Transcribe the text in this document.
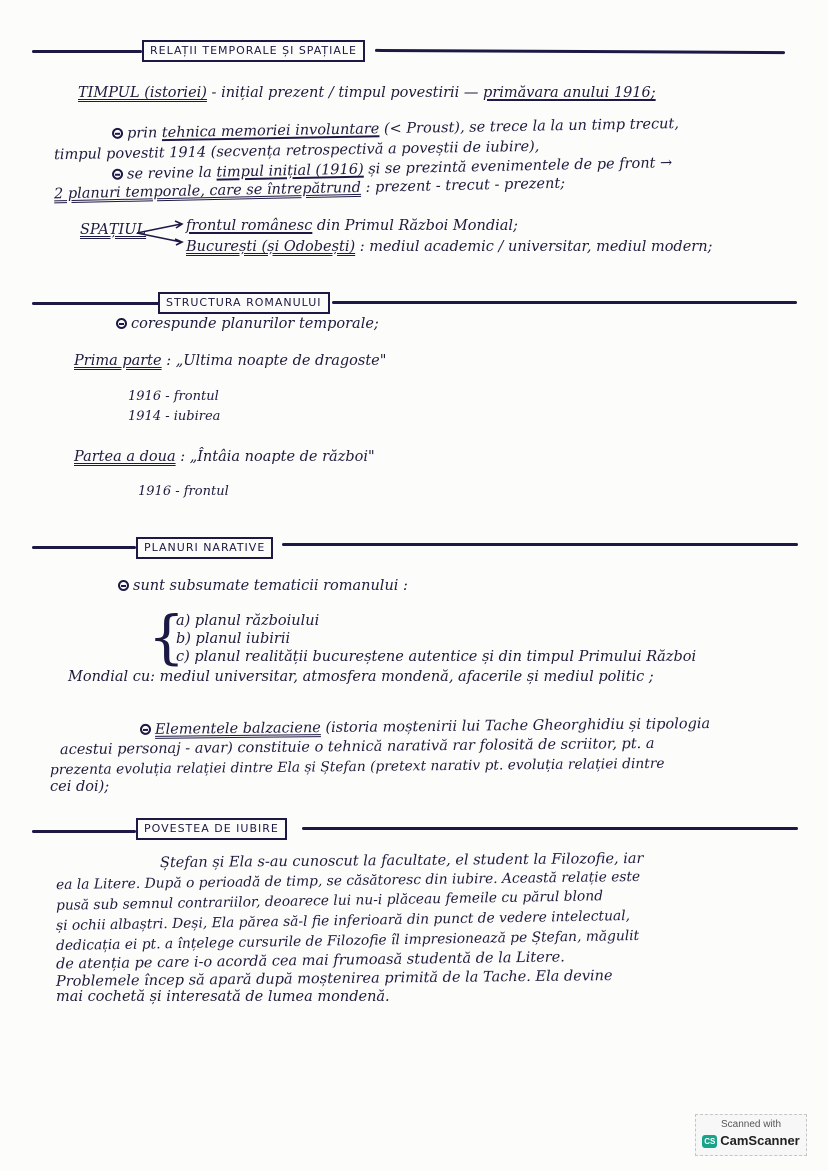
RELAȚII TEMPORALE ȘI SPAȚIALE
TIMPUL (istoriei) - inițial prezent / timpul povestirii — primăvara anului 1916;
prin tehnica memoriei involuntare (< Proust), se trece la la un timp trecut,
timpul povestit 1914 (secvența retrospectivă a poveștii de iubire),
se revine la timpul inițial (1916) și se prezintă evenimentele de pe front →
2 planuri temporale, care se întrepătrund : prezent - trecut - prezent;
SPAȚIUL	frontul românesc din Primul Război Mondial;
București (și Odobești) : mediul academic / universitar, mediul modern;
STRUCTURA ROMANULUI
corespunde planurilor temporale;
Prima parte : „Ultima noapte de dragoste"
1916 - frontul
1914 - iubirea
Partea a doua : „Întâia noapte de război"
1916 - frontul
PLANURI NARATIVE
sunt subsumate tematicii romanului :
{
a) planul războiului
b) planul iubirii
c) planul realității bucureștene autentice și din timpul Primului Război
Mondial cu: mediul universitar, atmosfera mondenă, afacerile și mediul politic ;
Elementele balzaciene (istoria moștenirii lui Tache Gheorghidiu și tipologia
acestui personaj - avar) constituie o tehnică narativă rar folosită de scriitor, pt. a
prezenta evoluția relației dintre Ela și Ștefan (pretext narativ pt. evoluția relației dintre
cei doi);
POVESTEA DE IUBIRE
Ștefan și Ela s-au cunoscut la facultate, el student la Filozofie, iar
ea la Litere. După o perioadă de timp, se căsătoresc din iubire. Această relație este
pusă sub semnul contrariilor, deoarece lui nu-i plăceau femeile cu părul blond
și ochii albaștri. Deși, Ela părea să-l fie inferioară din punct de vedere intelectual,
dedicația ei pt. a înțelege cursurile de Filozofie îl impresionează pe Ștefan, măgulit
de atenția pe care i-o acordă cea mai frumoasă studentă de la Litere.
Problemele încep să apară după moștenirea primită de la Tache. Ela devine
mai cochetă și interesată de lumea mondenă.
Scanned with
CS CamScanner
